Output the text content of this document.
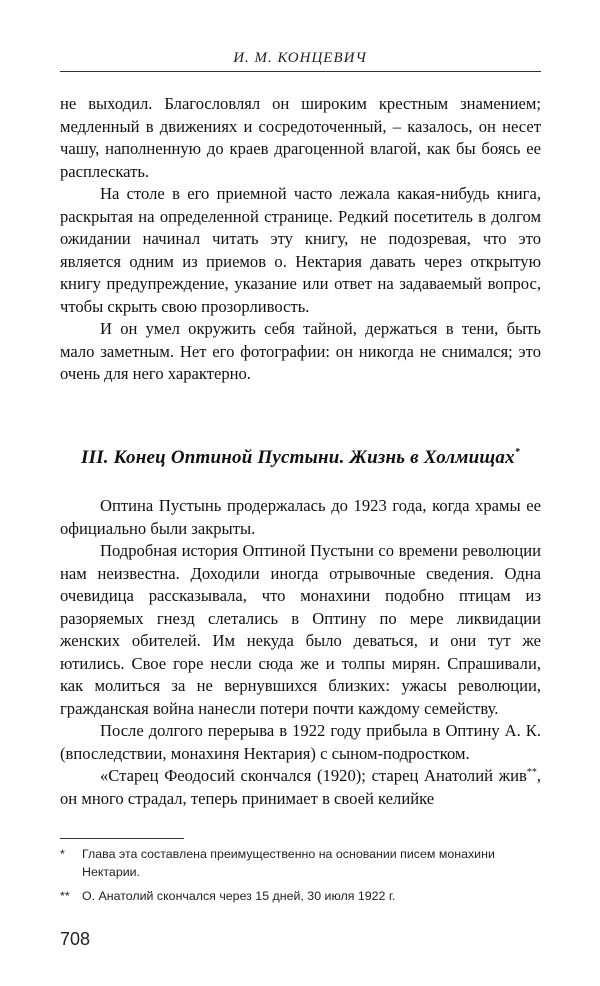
И. М. КОНЦЕВИЧ

не выходил. Благословлял он широким крестным знамением; медленный в движениях и сосредоточенный, – казалось, он несет чашу, наполненную до краев драгоценной влагой, как бы боясь ее расплескать.

На столе в его приемной часто лежала какая-нибудь книга, раскрытая на определенной странице. Редкий посетитель в долгом ожидании начинал читать эту книгу, не подозревая, что это является одним из приемов о. Нектария давать через открытую книгу предупреждение, указание или ответ на задаваемый вопрос, чтобы скрыть свою прозорливость.

И он умел окружить себя тайной, держаться в тени, быть мало заметным. Нет его фотографии: он никогда не снимался; это очень для него характерно.

III. Конец Оптиной Пустыни. Жизнь в Холмищах*

Оптина Пустынь продержалась до 1923 года, когда храмы ее официально были закрыты.

Подробная история Оптиной Пустыни со времени революции нам неизвестна. Доходили иногда отрывочные сведения. Одна очевидица рассказывала, что монахини подобно птицам из разоряемых гнезд слетались в Оптину по мере ликвидации женских обителей. Им некуда было деваться, и они тут же ютились. Свое горе несли сюда же и толпы мирян. Спрашивали, как молиться за не вернувшихся близких: ужасы революции, гражданская война нанесли потери почти каждому семейству.

После долгого перерыва в 1922 году прибыла в Оптину А. К. (впоследствии, монахиня Нектария) с сыном-подростком.

«Старец Феодосий скончался (1920); старец Анатолий жив**, он много страдал, теперь принимает в своей келийке

* Глава эта составлена преимущественно на основании писем монахини Нектарии.
** О. Анатолий скончался через 15 дней, 30 июля 1922 г.
708
